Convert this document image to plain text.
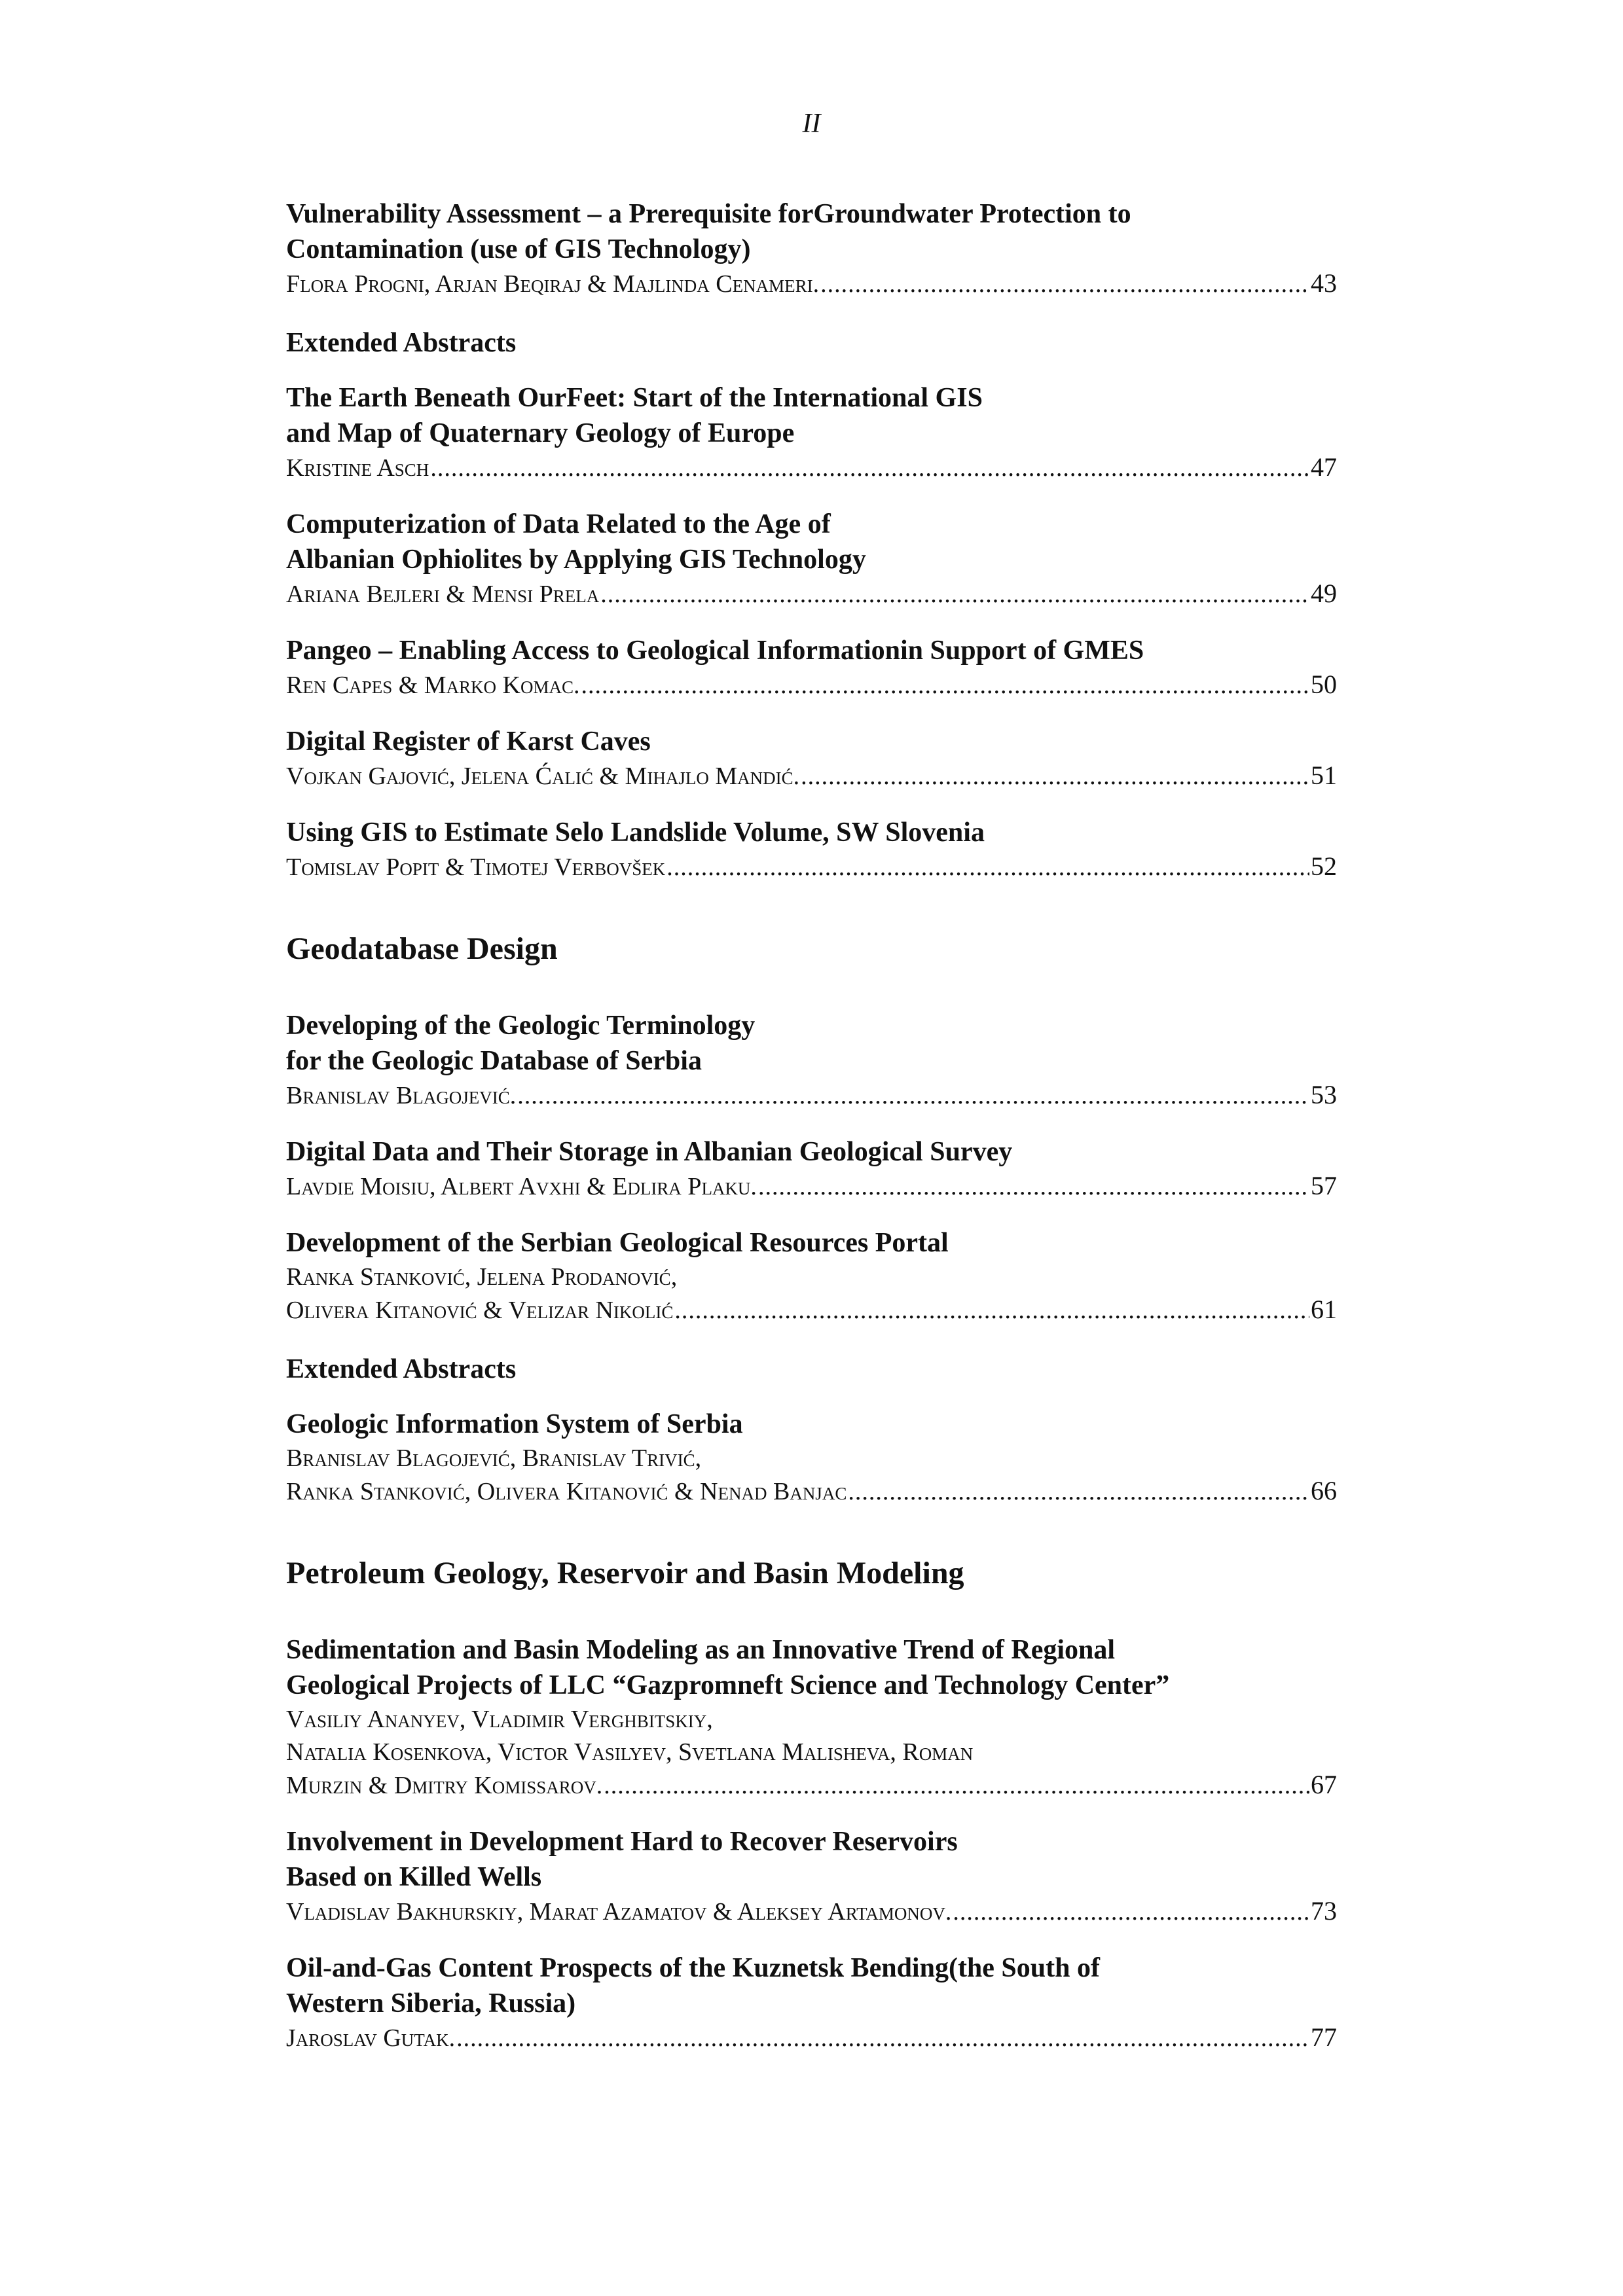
II
Vulnerability Assessment – a Prerequisite forGroundwater Protection to
Contamination (use of GIS Technology)
Flora Progni, Arjan Beqiraj & Majlinda Cenameri. .....	43
Extended Abstracts
The Earth Beneath OurFeet: Start of the International GIS
and Map of Quaternary Geology of Europe
Kristine Asch .....	47
Computerization of Data Related to the Age of
Albanian Ophiolites by Applying GIS Technology
Ariana Bejleri & Mensi Prela .....	49
Pangeo – Enabling Access to Geological Informationin Support of GMES
Ren Capes & Marko Komac. .....	50
Digital Register of Karst Caves
Vojkan Gajović, Jelena Ćalić & Mihajlo Mandić. .....	51
Using GIS to Estimate Selo Landslide Volume, SW Slovenia
Tomislav Popit & Timotej Verbovšek .....	52
Geodatabase Design
Developing of the Geologic Terminology
for the Geologic Database of Serbia
Branislav Blagojević. .....	53
Digital Data and Their Storage in Albanian Geological Survey
Lavdie Moisiu, Albert Avxhi & Edlira Plaku. .....	57
Development of the Serbian Geological Resources Portal
Ranka Stanković, Jelena Prodanović,
Olivera Kitanović & Velizar Nikolić .....	61
Extended Abstracts
Geologic Information System of Serbia
Branislav Blagojević, Branislav Trivić,
Ranka Stanković, Olivera Kitanović & Nenad Banjac .....	66
Petroleum Geology, Reservoir and Basin Modeling
Sedimentation and Basin Modeling as an Innovative Trend of Regional
Geological Projects of LLC “Gazpromneft Science and Technology Center”
Vasiliy Ananyev, Vladimir Verghbitskiy,
Natalia Kosenkova, Victor Vasilyev, Svetlana Malisheva, Roman
Murzin & Dmitry Komissarov. .....	67
Involvement in Development Hard to Recover Reservoirs
Based on Killed Wells
Vladislav Bakhurskiy, Marat Azamatov & Aleksey Artamonov. .....	73
Oil-and-Gas Content Prospects of the Kuznetsk Bending(the South of
Western Siberia, Russia)
Jaroslav Gutak. .....	77
